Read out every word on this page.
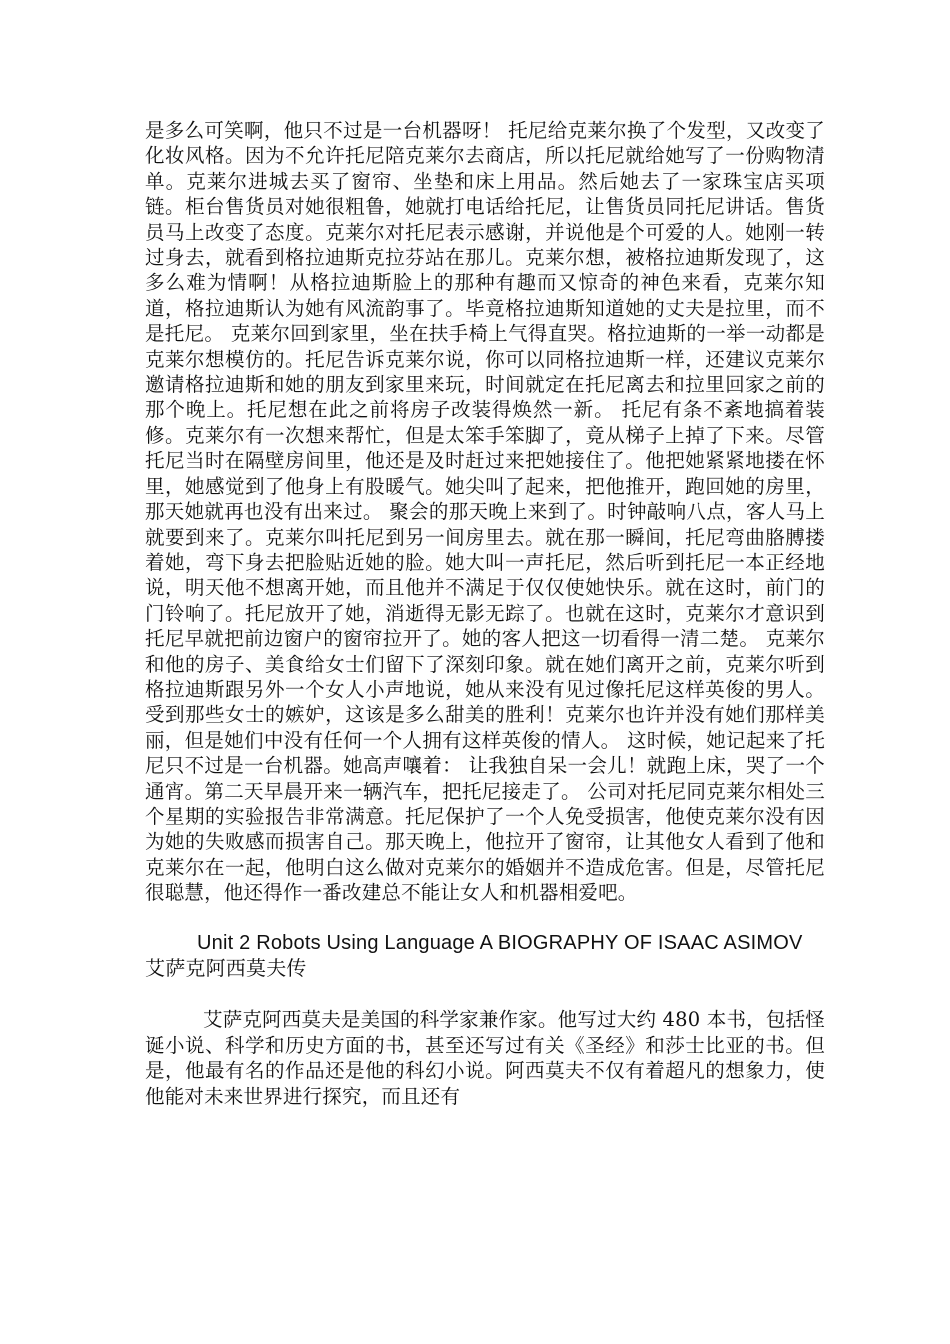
是多么可笑啊，他只不过是一台机器呀！ 托尼给克莱尔换了个发型，又改变了化妆风格。因为不允许托尼陪克莱尔去商店，所以托尼就给她写了一份购物清单。克莱尔进城去买了窗帘、坐垫和床上用品。然后她去了一家珠宝店买项链。柜台售货员对她很粗鲁，她就打电话给托尼，让售货员同托尼讲话。售货员马上改变了态度。克莱尔对托尼表示感谢，并说他是个可爱的人。她刚一转过身去，就看到格拉迪斯克拉芬站在那儿。克莱尔想，被格拉迪斯发现了，这多么难为情啊！从格拉迪斯脸上的那种有趣而又惊奇的神色来看，克莱尔知道，格拉迪斯认为她有风流韵事了。毕竟格拉迪斯知道她的丈夫是拉里，而不是托尼。 克莱尔回到家里，坐在扶手椅上气得直哭。格拉迪斯的一举一动都是克莱尔想模仿的。托尼告诉克莱尔说，你可以同格拉迪斯一样，还建议克莱尔邀请格拉迪斯和她的朋友到家里来玩，时间就定在托尼离去和拉里回家之前的那个晚上。托尼想在此之前将房子改装得焕然一新。 托尼有条不紊地搞着装修。克莱尔有一次想来帮忙，但是太笨手笨脚了，竟从梯子上掉了下来。尽管托尼当时在隔壁房间里，他还是及时赶过来把她接住了。他把她紧紧地搂在怀里，她感觉到了他身上有股暖气。她尖叫了起来，把他推开，跑回她的房里，那天她就再也没有出来过。 聚会的那天晚上来到了。时钟敲响八点，客人马上就要到来了。克莱尔叫托尼到另一间房里去。就在那一瞬间，托尼弯曲胳膊搂着她，弯下身去把脸贴近她的脸。她大叫一声托尼，然后听到托尼一本正经地说，明天他不想离开她，而且他并不满足于仅仅使她快乐。就在这时，前门的门铃响了。托尼放开了她，消逝得无影无踪了。也就在这时，克莱尔才意识到托尼早就把前边窗户的窗帘拉开了。她的客人把这一切看得一清二楚。 克莱尔和他的房子、美食给女士们留下了深刻印象。就在她们离开之前，克莱尔听到格拉迪斯跟另外一个女人小声地说，她从来没有见过像托尼这样英俊的男人。受到那些女士的嫉妒，这该是多么甜美的胜利！克莱尔也许并没有她们那样美丽，但是她们中没有任何一个人拥有这样英俊的情人。 这时候，她记起来了托尼只不过是一台机器。她高声嚷着： 让我独自呆一会儿！就跑上床，哭了一个通宵。第二天早晨开来一辆汽车，把托尼接走了。 公司对托尼同克莱尔相处三个星期的实验报告非常满意。托尼保护了一个人免受损害，他使克莱尔没有因为她的失败感而损害自己。那天晚上，他拉开了窗帘，让其他女人看到了他和克莱尔在一起，他明白这么做对克莱尔的婚姻并不造成危害。但是，尽管托尼很聪慧，他还得作一番改建总不能让女人和机器相爱吧。

Unit 2 Robots Using Language A BIOGRAPHY OF ISAAC ASIMOV 艾萨克阿西莫夫传

艾萨克阿西莫夫是美国的科学家兼作家。他写过大约 480 本书，包括怪诞小说、科学和历史方面的书，甚至还写过有关《圣经》和莎士比亚的书。但是，他最有名的作品还是他的科幻小说。阿西莫夫不仅有着超凡的想象力，使他能对未来世界进行探究，而且还有
